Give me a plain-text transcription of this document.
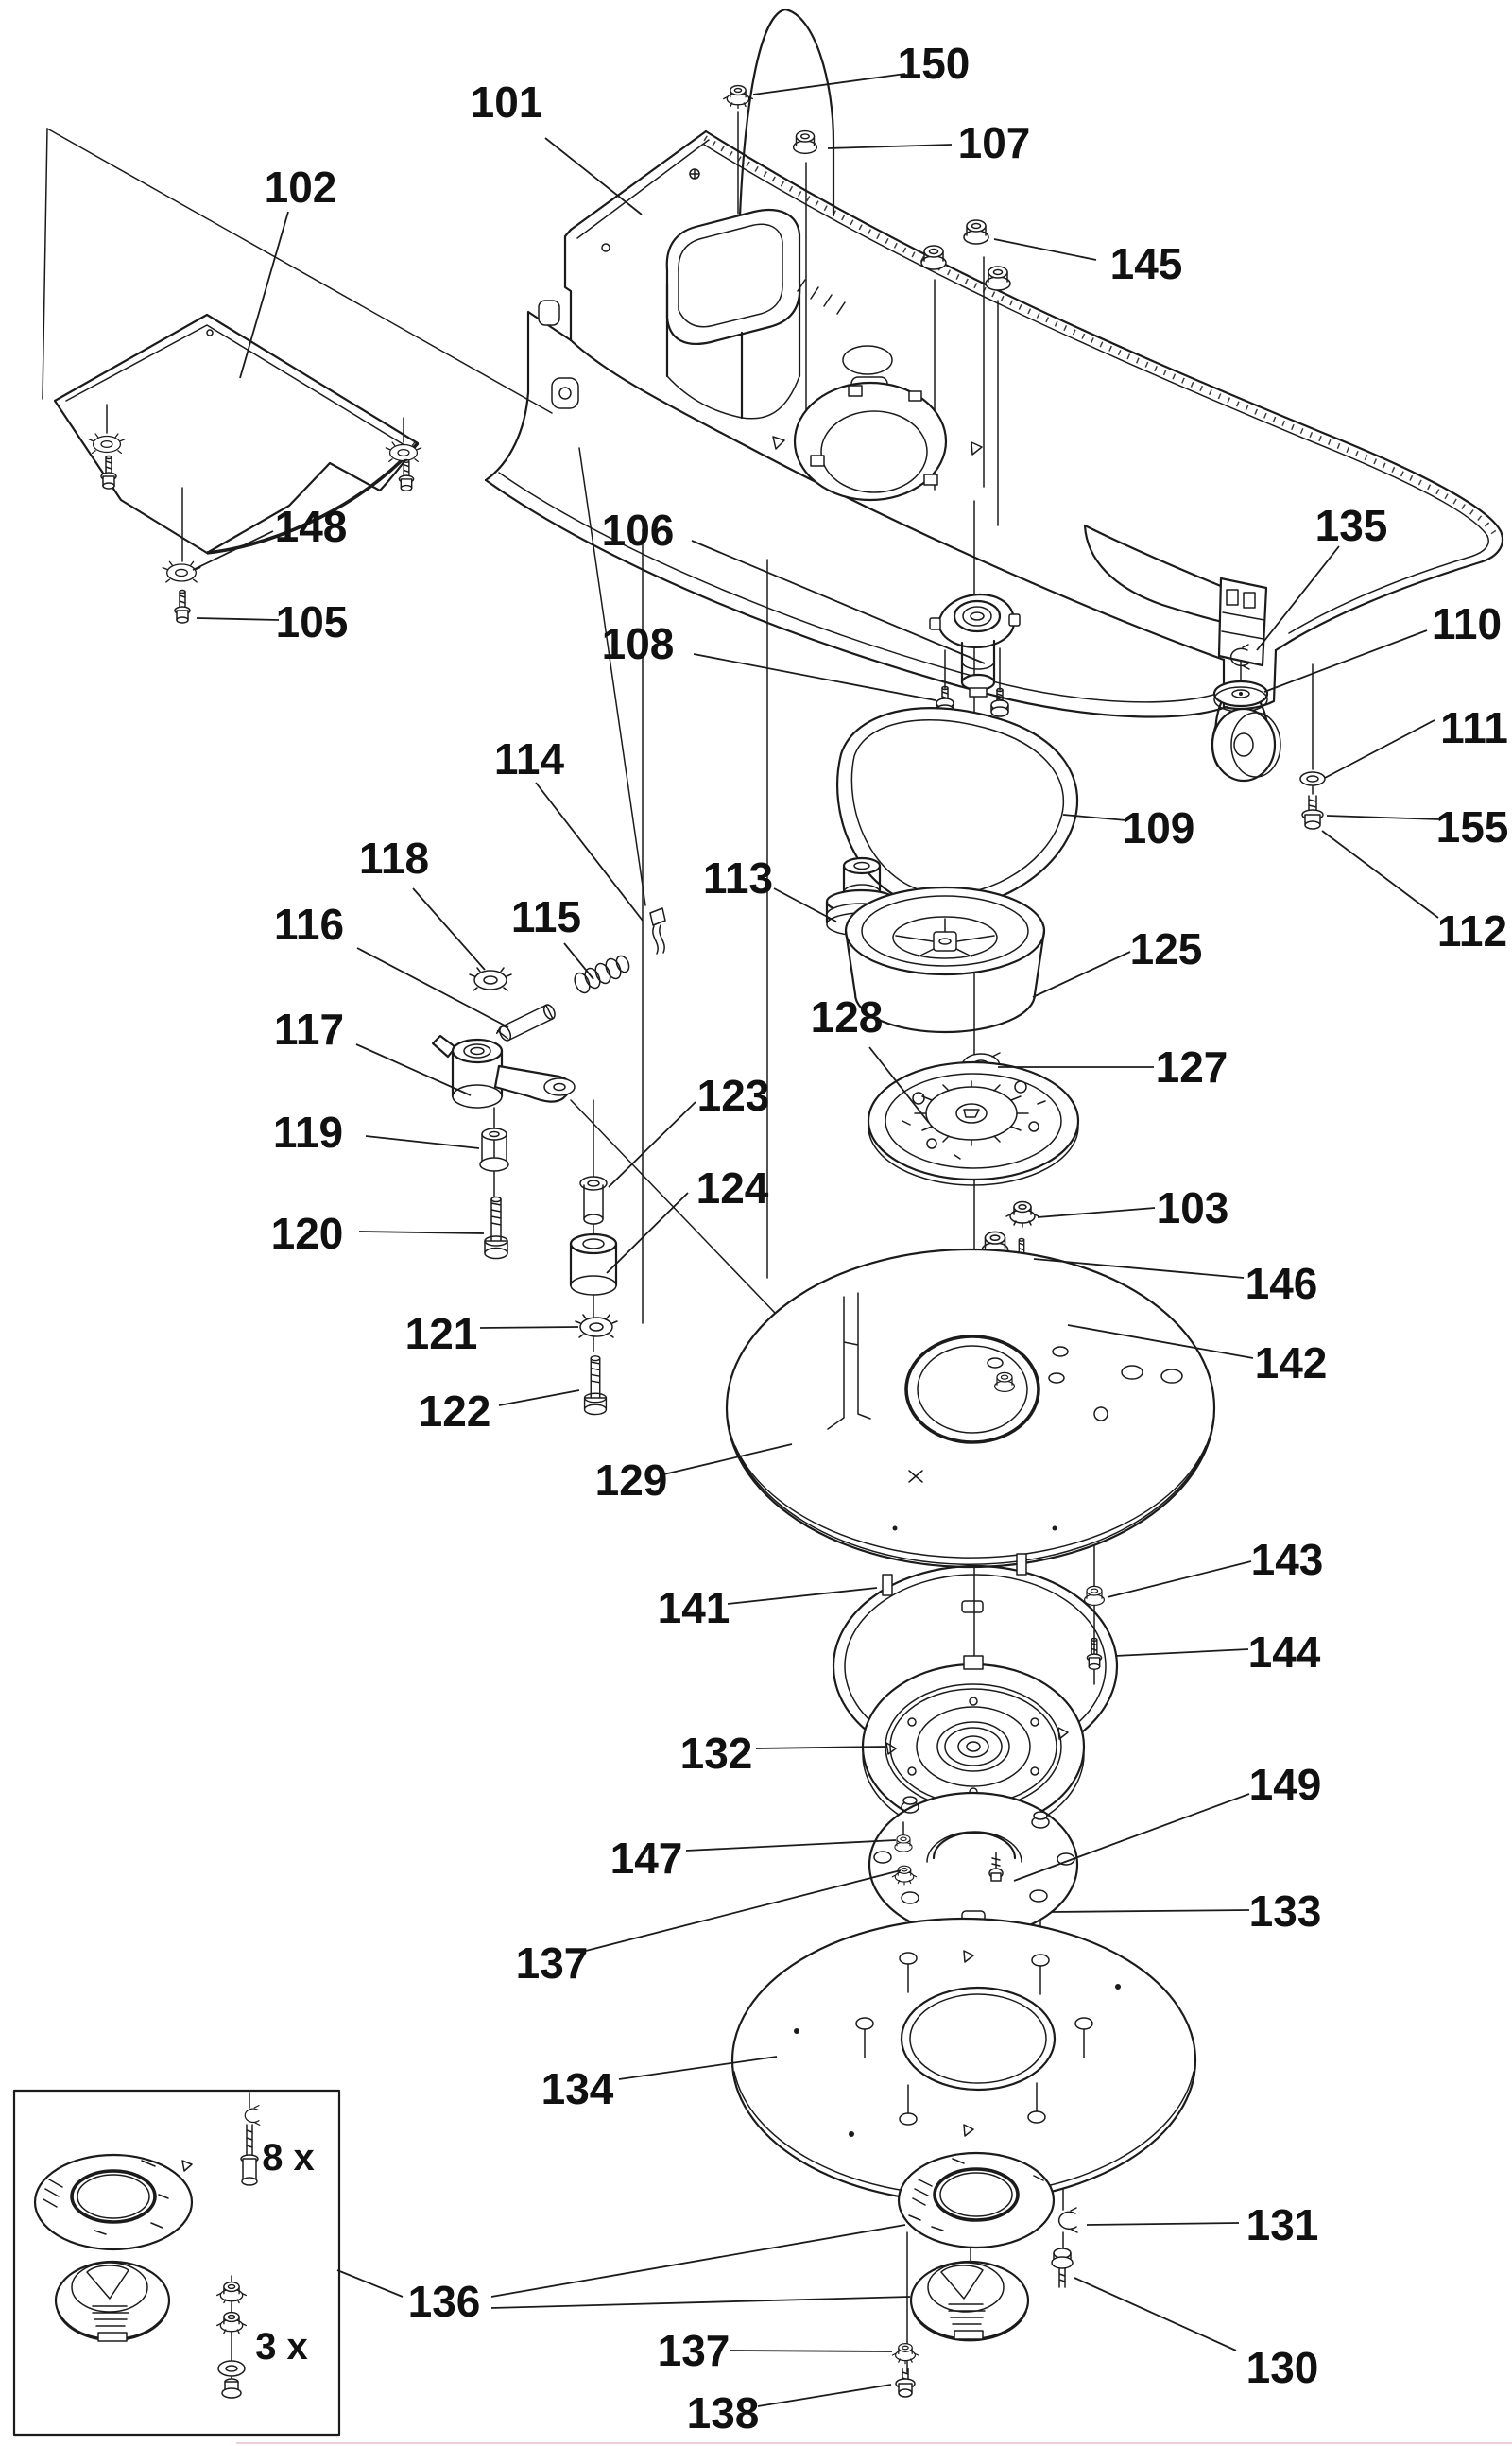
101
102
103
105
106
107
108
109
110
111
112
113
114
115
116
117
118
119
120
121
122
123
124
125
127
128
129
130
131
132
133
134
135
136
137
137
138
141
142
143
144
145
146
147
148
149
150
155
8 x
3 x
